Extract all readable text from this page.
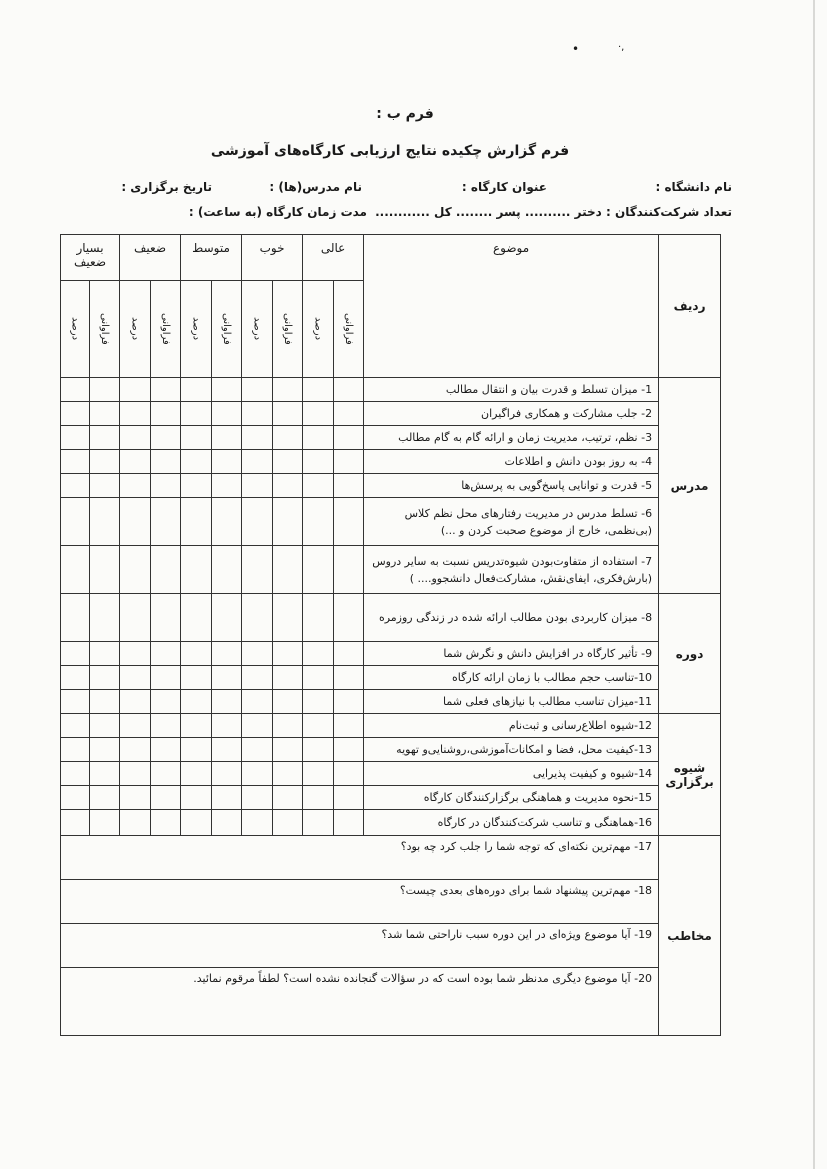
•	·,
فرم ب :
فرم گزارش چکیده نتایج ارزیابی کارگاه‌های آموزشی
نام دانشگاه :
عنوان کارگاه :
نام مدرس(ها) :
تاریخ برگزاری :
تعداد شرکت‌کنندگان : دختر .......... پسر ........ کل ............
مدت زمان کارگاه (به ساعت) :
ردیف	موضوع	عالی		خوب		متوسط		ضعیف		بسیار ضعیف	
		فراوانی	درصد	فراوانی	درصد	فراوانی	درصد	فراوانی	درصد	فراوانی	درصد
مدرس	1- میزان تسلط و قدرت بیان و انتقال مطالب										
	2- جلب مشارکت و همکاری فراگیران										
	3- نظم، ترتیب، مدیریت زمان و ارائه گام به گام مطالب										
	4- به روز بودن دانش و اطلاعات										
	5- قدرت و توانایی پاسخ‌گویی به پرسش‌ها										
	6- تسلط مدرس در مدیریت رفتارهای محل نظم کلاس (بی‌نظمی، خارج از موضوع صحبت کردن و ...)										
	7- استفاده از متفاوت‌بودن شیوه‌تدریس نسبت به سایر دروس (بارش‌فکری، ایفای‌نقش، مشارکت‌فعال دانشجوو.... )										
دوره	8- میزان کاربردی بودن مطالب ارائه شده در زندگی روزمره										
	9- تأثیر کارگاه در افزایش دانش و نگرش شما										
	10-تناسب حجم مطالب با زمان ارائه کارگاه										
	11-میزان تناسب مطالب با نیازهای فعلی شما										
شیوه برگزاری	12-شیوه اطلاع‌رسانی و ثبت‌نام										
	13-کیفیت محل، فضا و امکانات‌آموزشی،روشنایی‌و تهویه										
	14-شیوه و کیفیت پذیرایی										
	15-نحوه مدیریت و هماهنگی برگزارکنندگان کارگاه										
	16-هماهنگی و تناسب شرکت‌کنندگان در کارگاه										
مخاطب	17- مهم‌ترین نکته‌ای که توجه شما را جلب کرد چه بود؟										
	18- مهم‌ترین پیشنهاد شما برای دوره‌های بعدی چیست؟										
	19- آیا موضوع ویژه‌ای در این دوره سبب ناراحتی شما شد؟										
	20- آیا موضوع دیگری مدنظر شما بوده است که در سؤالات گنجانده نشده است؟ لطفاً مرقوم نمائید.										
